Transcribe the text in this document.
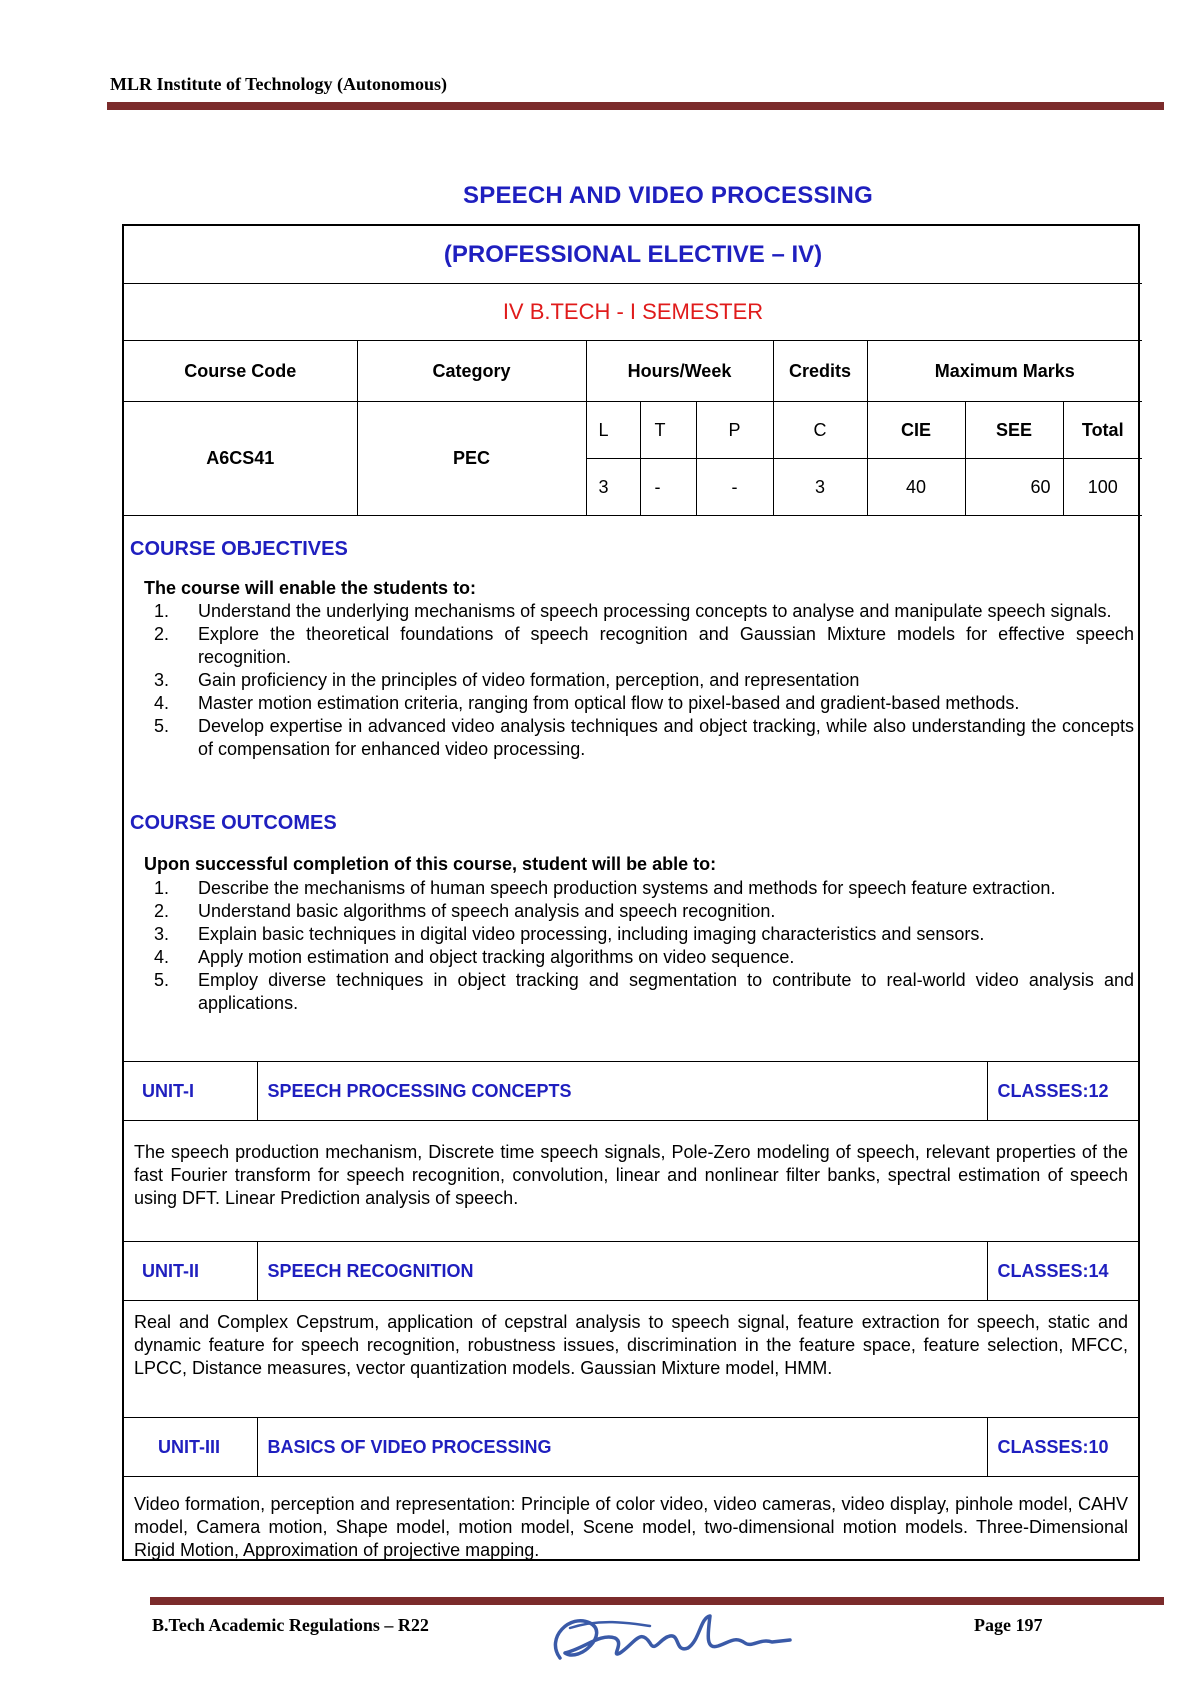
MLR Institute of Technology (Autonomous)
SPEECH AND VIDEO PROCESSING
(PROFESSIONAL ELECTIVE – IV)								
IV B.TECH - I SEMESTER								
Course Code	Category	Hours/Week			Credits	Maximum Marks		
A6CS41	PEC	L	T	P	C	CIE	SEE	Total
		3	-	-	3	40	60	100
COURSE OBJECTIVES
The course will enable the students to:
1. Understand the underlying mechanisms of speech processing concepts to analyse and manipulate speech signals.
2. Explore the theoretical foundations of speech recognition and Gaussian Mixture models for effective speech recognition.
3. Gain proficiency in the principles of video formation, perception, and representation
4. Master motion estimation criteria, ranging from optical flow to pixel-based and gradient-based methods.
5. Develop expertise in advanced video analysis techniques and object tracking, while also understanding the concepts of compensation for enhanced video processing.
COURSE OUTCOMES
Upon successful completion of this course, student will be able to:
1. Describe the mechanisms of human speech production systems and methods for speech feature extraction.
2. Understand basic algorithms of speech analysis and speech recognition.
3. Explain basic techniques in digital video processing, including imaging characteristics and sensors.
4. Apply motion estimation and object tracking algorithms on video sequence.
5. Employ diverse techniques in object tracking and segmentation to contribute to real-world video analysis and applications.
UNIT-I	SPEECH PROCESSING CONCEPTS	CLASSES:12
The speech production mechanism, Discrete time speech signals, Pole-Zero modeling of speech, relevant properties of the fast Fourier transform for speech recognition, convolution, linear and nonlinear filter banks, spectral estimation of speech using DFT. Linear Prediction analysis of speech.		
UNIT-II	SPEECH RECOGNITION	CLASSES:14
Real and Complex Cepstrum, application of cepstral analysis to speech signal, feature extraction for speech, static and dynamic feature for speech recognition, robustness issues, discrimination in the feature space, feature selection, MFCC, LPCC, Distance measures, vector quantization models. Gaussian Mixture model, HMM.		
UNIT-III	BASICS OF VIDEO PROCESSING	CLASSES:10
Video formation, perception and representation: Principle of color video, video cameras, video display, pinhole model, CAHV model, Camera motion, Shape model, motion model, Scene model, two-dimensional motion models. Three-Dimensional Rigid Motion, Approximation of projective mapping.		
B.Tech Academic Regulations – R22	Page 197
